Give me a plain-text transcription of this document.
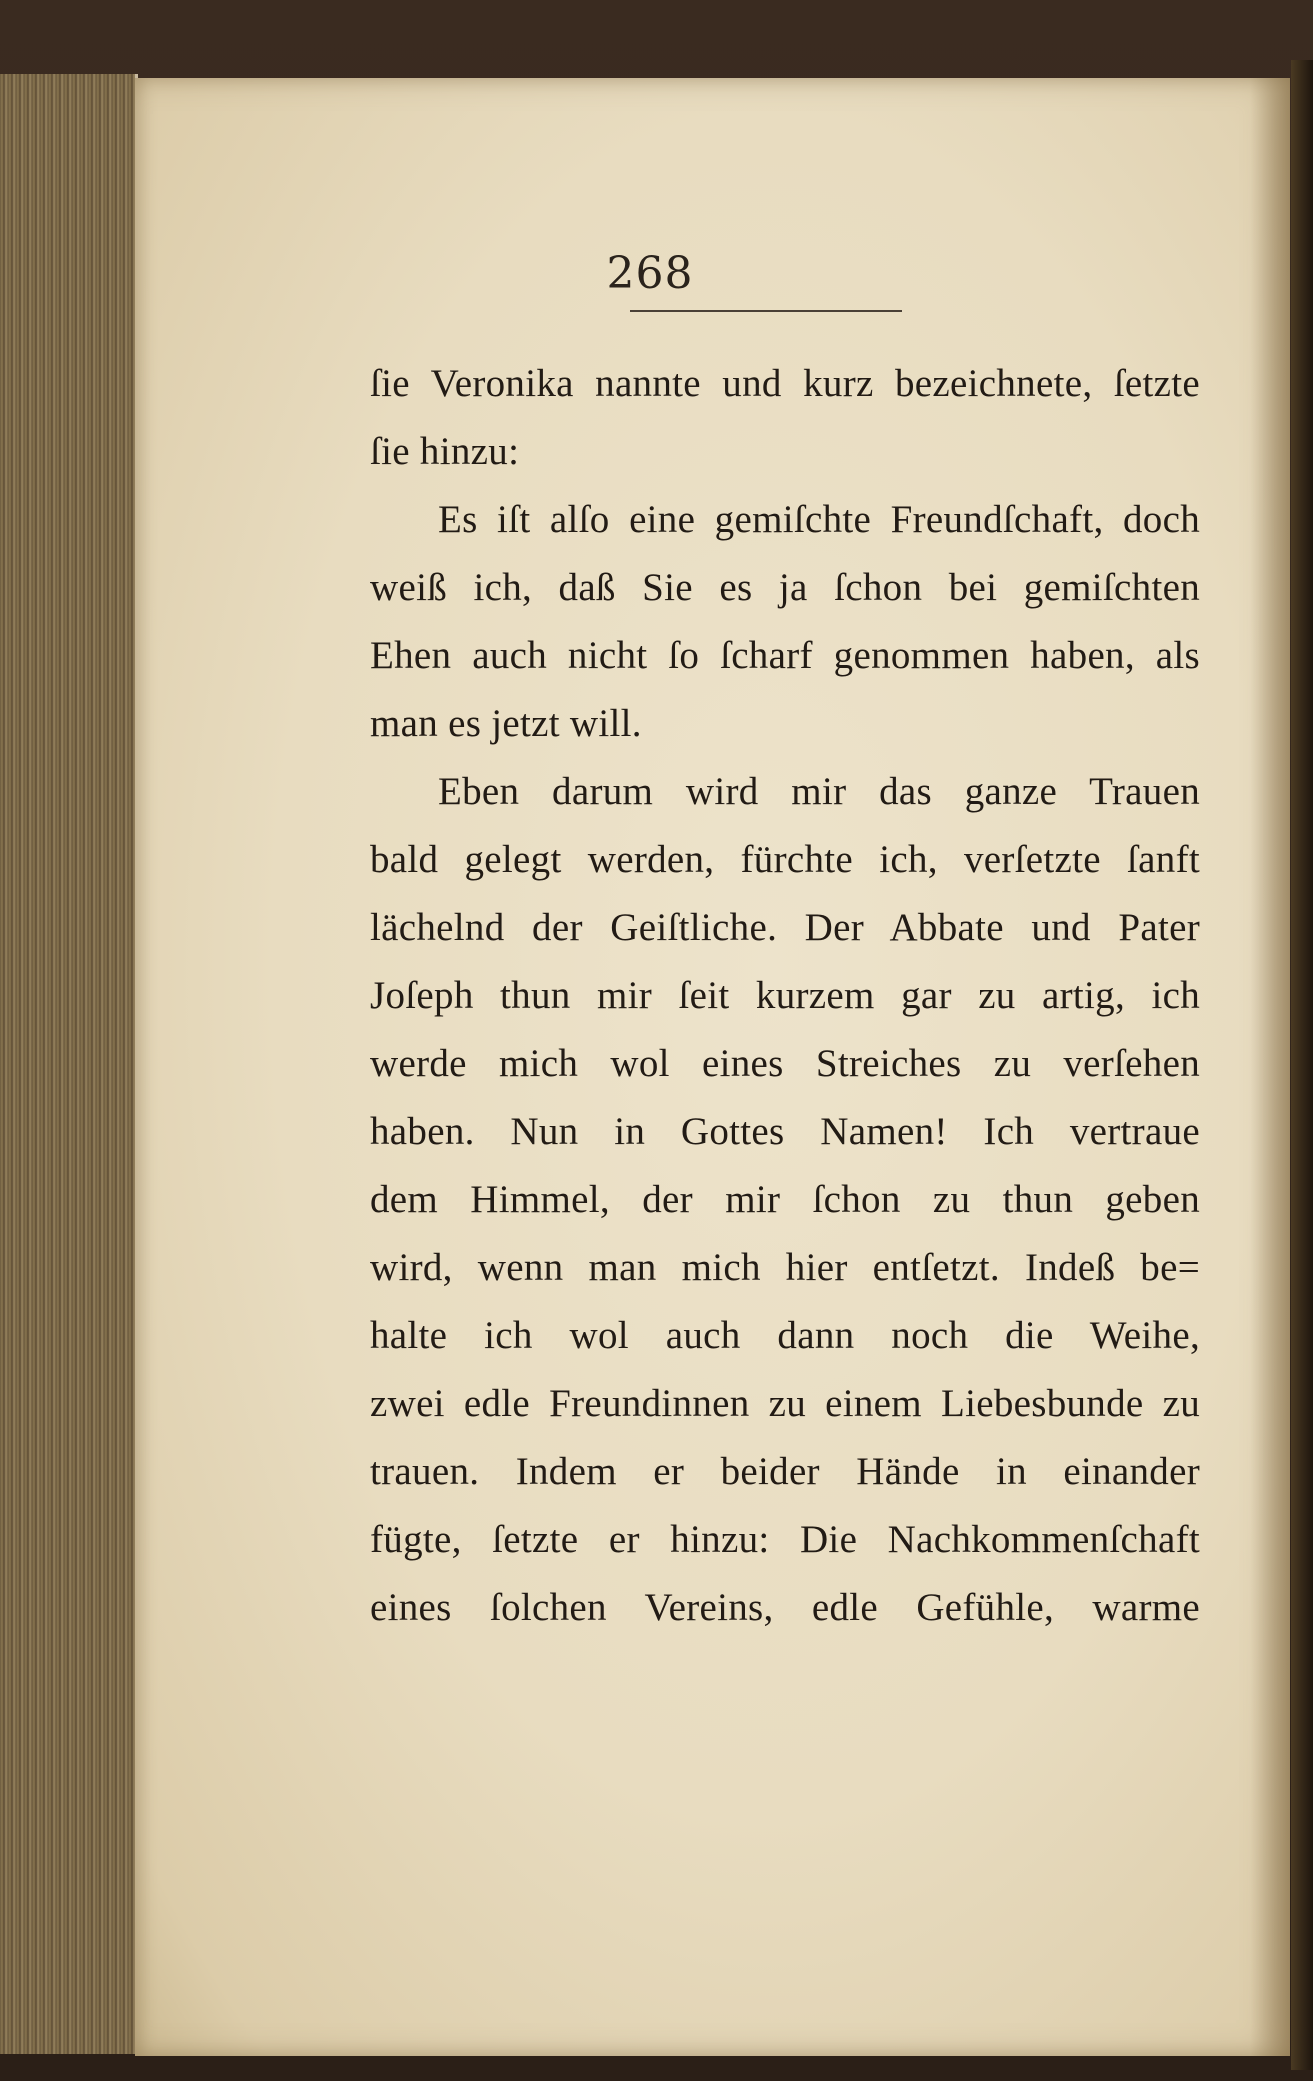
268
ſie Veronika nannte und kurz bezeichnete, ſetzte
ſie hinzu:
Es iſt alſo eine gemiſchte Freundſchaft, doch
weiß ich, daß Sie es ja ſchon bei gemiſchten
Ehen auch nicht ſo ſcharf genommen haben, als
man es jetzt will.
Eben darum wird mir das ganze Trauen
bald gelegt werden, fürchte ich, verſetzte ſanft
lächelnd der Geiſtliche. Der Abbate und Pater
Joſeph thun mir ſeit kurzem gar zu artig, ich
werde mich wol eines Streiches zu verſehen
haben. Nun in Gottes Namen! Ich vertraue
dem Himmel, der mir ſchon zu thun geben
wird, wenn man mich hier entſetzt. Indeß be=
halte ich wol auch dann noch die Weihe,
zwei edle Freundinnen zu einem Liebesbunde zu
trauen. Indem er beider Hände in einander
fügte, ſetzte er hinzu: Die Nachkommenſchaft
eines ſolchen Vereins, edle Gefühle, warme
